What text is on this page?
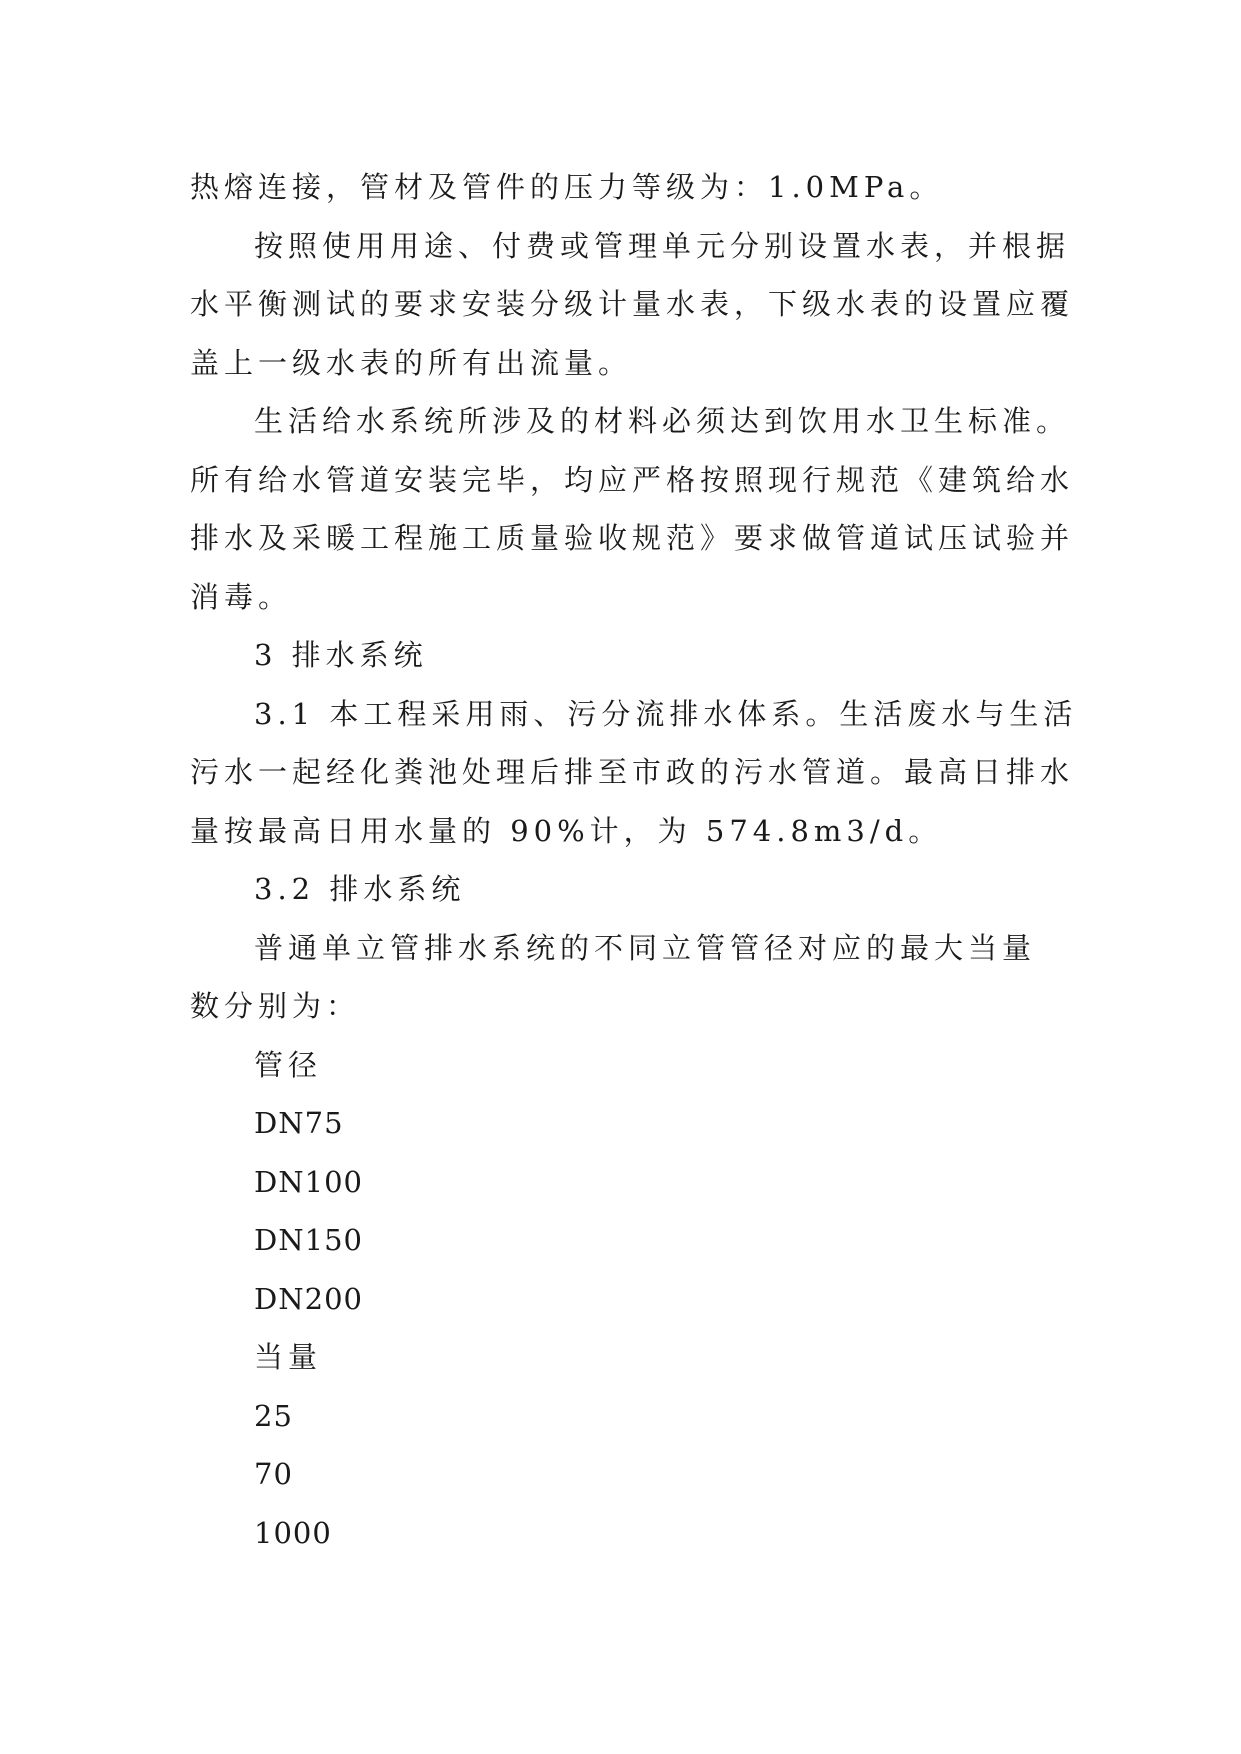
热熔连接，管材及管件的压力等级为：1.0MPa。
按照使用用途、付费或管理单元分别设置水表，并根据
水平衡测试的要求安装分级计量水表，下级水表的设置应覆
盖上一级水表的所有出流量。
生活给水系统所涉及的材料必须达到饮用水卫生标准。
所有给水管道安装完毕，均应严格按照现行规范《建筑给水
排水及采暖工程施工质量验收规范》要求做管道试压试验并
消毒。
3 排水系统
3.1 本工程采用雨、污分流排水体系。生活废水与生活
污水一起经化粪池处理后排至市政的污水管道。最高日排水
量按最高日用水量的 90%计，为 574.8m3/d。
3.2 排水系统
普通单立管排水系统的不同立管管径对应的最大当量
数分别为：
管径
DN75
DN100
DN150
DN200
当量
25
70
1000
